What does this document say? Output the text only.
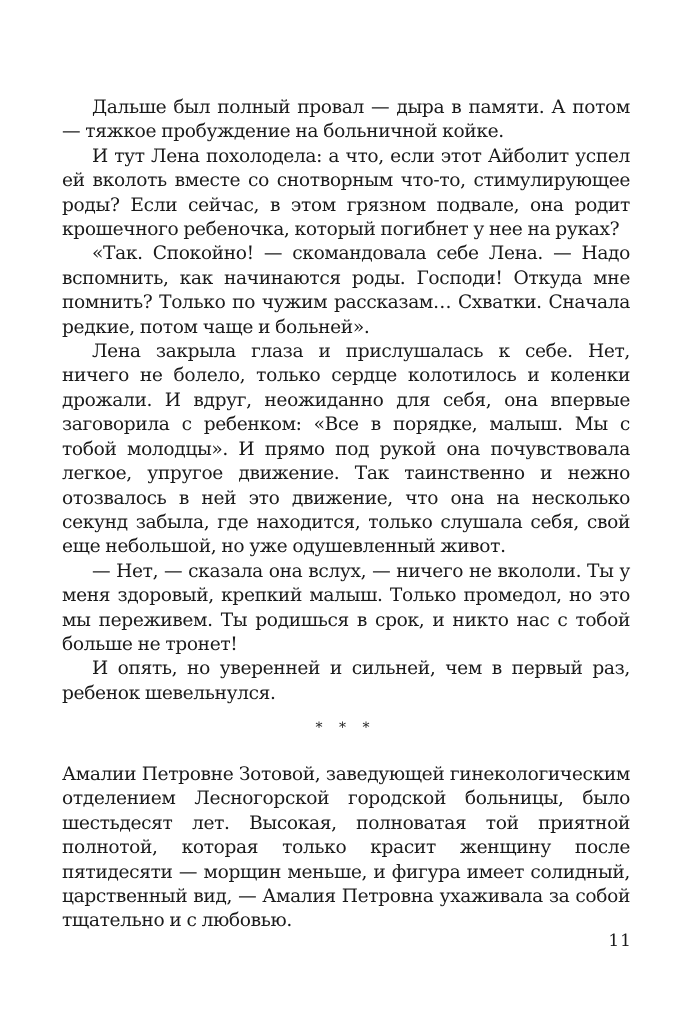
Дальше был полный провал — дыра в памяти. А потом — тяжкое пробуждение на больничной койке.

И тут Лена похолодела: а что, если этот Айболит успел ей вколоть вместе со снотворным что-то, стимулирующее роды? Если сейчас, в этом грязном подвале, она родит крошечного ребеночка, который погибнет у нее на руках?

«Так. Спокойно! — скомандовала себе Лена. — Надо вспомнить, как начинаются роды. Господи! Откуда мне помнить? Только по чужим рассказам… Схватки. Сначала редкие, потом чаще и больней».

Лена закрыла глаза и прислушалась к себе. Нет, ничего не болело, только сердце колотилось и коленки дрожали. И вдруг, неожиданно для себя, она впервые заговорила с ребенком: «Все в порядке, малыш. Мы с тобой молодцы». И прямо под рукой она почувствовала легкое, упругое движение. Так таинственно и нежно отозвалось в ней это движение, что она на несколько секунд забыла, где находится, только слушала себя, свой еще небольшой, но уже одушевленный живот.

— Нет, — сказала она вслух, — ничего не вкололи. Ты у меня здоровый, крепкий малыш. Только промедол, но это мы переживем. Ты родишься в срок, и никто нас с тобой больше не тронет!

И опять, но уверенней и сильней, чем в первый раз, ребенок шевельнулся.

* * *

Амалии Петровне Зотовой, заведующей гинекологическим отделением Лесногорской городской больницы, было шестьдесят лет. Высокая, полноватая той приятной полнотой, которая только красит женщину после пятидесяти — морщин меньше, и фигура имеет солидный, царственный вид, — Амалия Петровна ухаживала за собой тщательно и с любовью.

11
